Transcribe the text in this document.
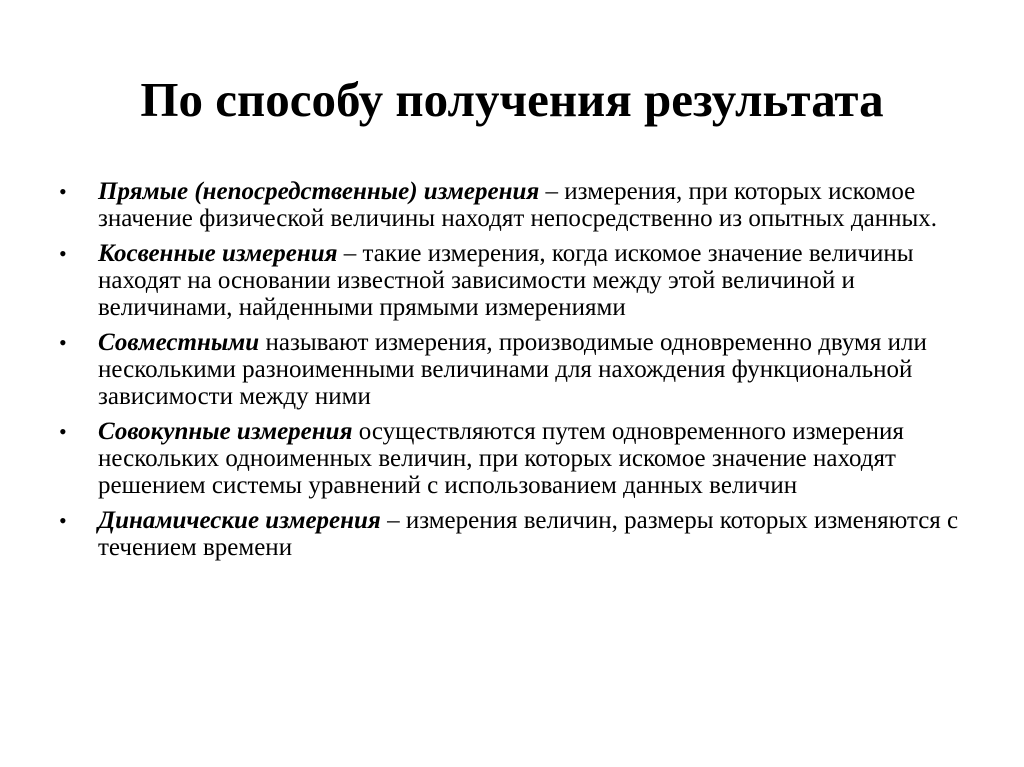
По способу получения результата
• Прямые (непосредственные) измерения – измерения, при которых искомое значение физической величины находят непосредственно из опытных данных.
• Косвенные измерения – такие измерения, когда искомое значение величины находят на основании известной зависимости между этой величиной и величинами, найденными прямыми измерениями
• Совместными называют измерения, производимые одновременно двумя или несколькими разноименными величинами для нахождения функциональной зависимости между ними
• Совокупные измерения осуществляются путем одновременного измерения нескольких одноименных величин, при которых искомое значение находят решением системы уравнений с использованием данных величин
• Динамические измерения – измерения величин, размеры которых изменяются с течением времени
